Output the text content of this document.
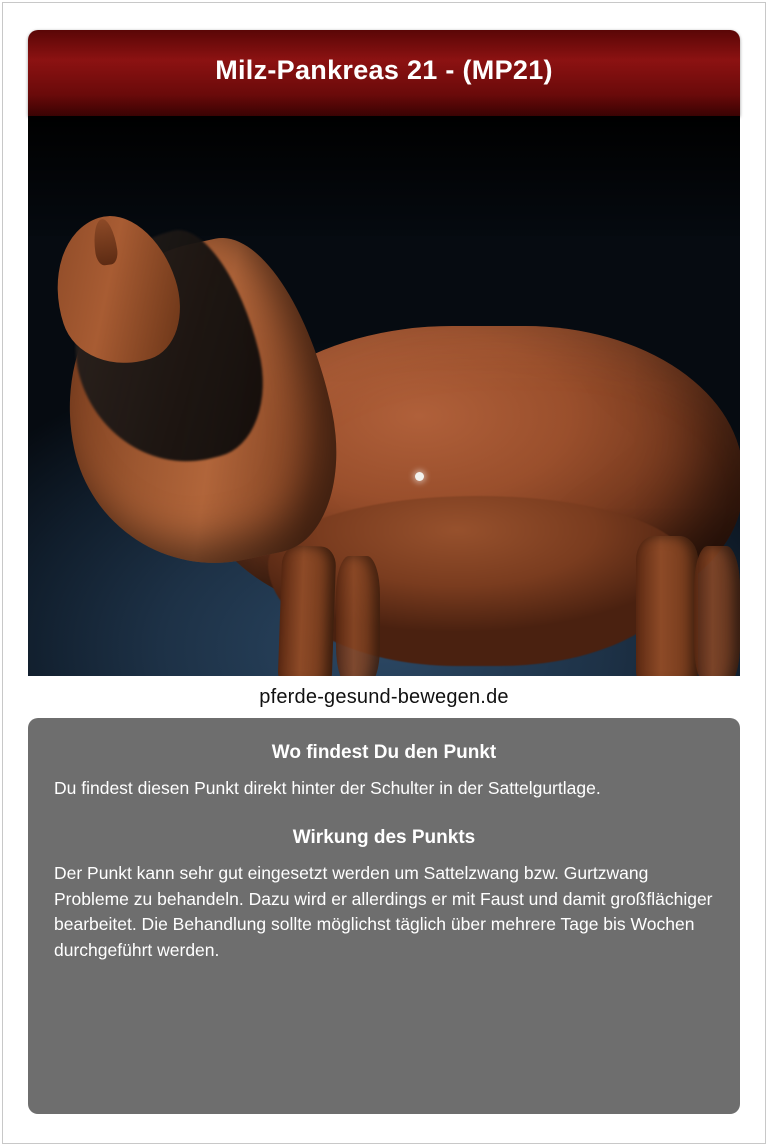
Milz-Pankreas 21 - (MP21)
pferde-gesund-bewegen.de
Wo findest Du den Punkt

Du findest diesen Punkt direkt hinter der Schulter in der Sattelgurtlage.

Wirkung des Punkts

Der Punkt kann sehr gut eingesetzt werden um Sattelzwang bzw. Gurtzwang Probleme zu behandeln. Dazu wird er allerdings er mit Faust und damit großflächiger bearbeitet. Die Behandlung sollte möglichst täglich über mehrere Tage bis Wochen durchgeführt werden.
